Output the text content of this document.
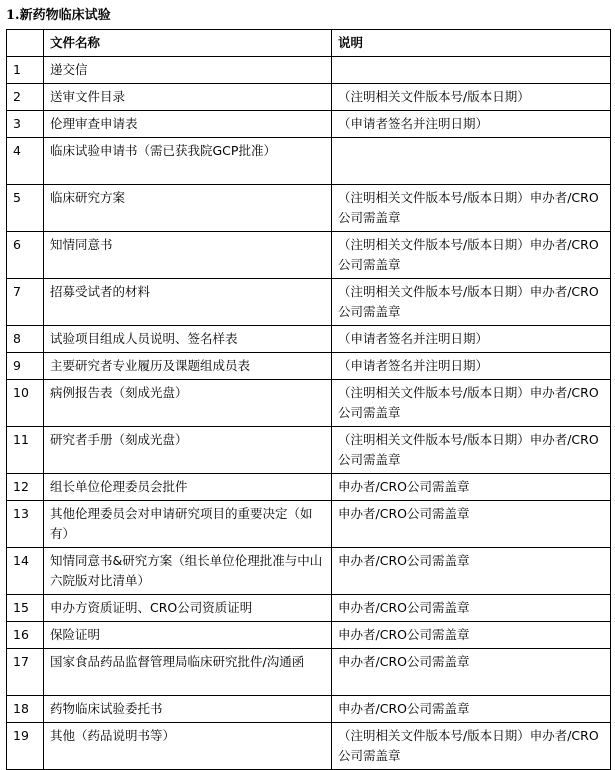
1.新药物临床试验
	文件名称	说明
1	递交信	
2	送审文件目录	（注明相关文件版本号/版本日期）
3	伦理审查申请表	（申请者签名并注明日期）
4	临床试验申请书（需已获我院GCP批准）	
5	临床研究方案	（注明相关文件版本号/版本日期）申办者/CRO公司需盖章
6	知情同意书	（注明相关文件版本号/版本日期）申办者/CRO公司需盖章
7	招募受试者的材料	（注明相关文件版本号/版本日期）申办者/CRO公司需盖章
8	试验项目组成人员说明、签名样表	（申请者签名并注明日期）
9	主要研究者专业履历及课题组成员表	（申请者签名并注明日期）
10	病例报告表（刻成光盘）	（注明相关文件版本号/版本日期）申办者/CRO公司需盖章
11	研究者手册（刻成光盘）	（注明相关文件版本号/版本日期）申办者/CRO公司需盖章
12	组长单位伦理委员会批件	申办者/CRO公司需盖章
13	其他伦理委员会对申请研究项目的重要决定（如有）	申办者/CRO公司需盖章
14	知情同意书&研究方案（组长单位伦理批准与中山六院版对比清单）	申办者/CRO公司需盖章
15	申办方资质证明、CRO公司资质证明	申办者/CRO公司需盖章
16	保险证明	申办者/CRO公司需盖章
17	国家食品药品监督管理局临床研究批件/沟通函	申办者/CRO公司需盖章
18	药物临床试验委托书	申办者/CRO公司需盖章
19	其他（药品说明书等）	（注明相关文件版本号/版本日期）申办者/CRO公司需盖章
